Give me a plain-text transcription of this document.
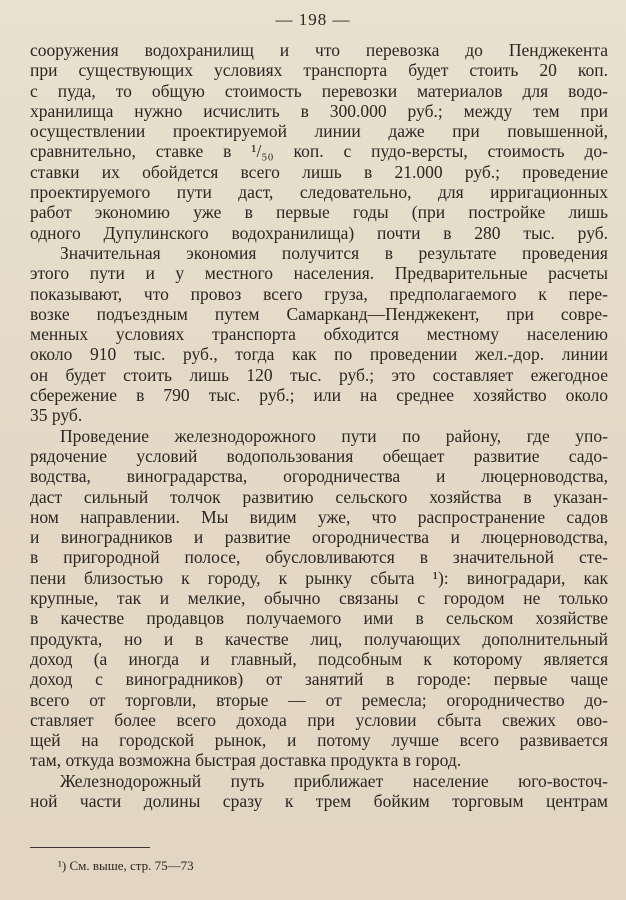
— 198 —
сооружения водохранилищ и что перевозка до Пенджекента
при существующих условиях транспорта будет стоить 20 коп.
с пуда, то общую стоимость перевозки материалов для водо-
хранилища нужно исчислить в 300.000 руб.; между тем при
осуществлении проектируемой линии даже при повышенной,
сравнительно, ставке в ¹/₅₀ коп. с пудо-версты, стоимость до-
ставки их обойдется всего лишь в 21.000 руб.; проведение
проектируемого пути даст, следовательно, для ирригационных
работ экономию уже в первые годы (при постройке лишь
одного Дупулинского водохранилища) почти в 280 тыс. руб.
Значительная экономия получится в результате проведения
этого пути и у местного населения. Предварительные расчеты
показывают, что провоз всего груза, предполагаемого к пере-
возке подъездным путем Самарканд—Пенджекент, при совре-
менных условиях транспорта обходится местному населению
около 910 тыс. руб., тогда как по проведении жел.-дор. линии
он будет стоить лишь 120 тыс. руб.; это составляет ежегодное
сбережение в 790 тыс. руб.; или на среднее хозяйство около
35 руб.
Проведение железнодорожного пути по району, где упо-
рядочение условий водопользования обещает развитие садо-
водства, виноградарства, огородничества и люцерноводства,
даст сильный толчок развитию сельского хозяйства в указан-
ном направлении. Мы видим уже, что распространение садов
и виноградников и развитие огородничества и люцерноводства,
в пригородной полосе, обусловливаются в значительной сте-
пени близостью к городу, к рынку сбыта ¹): виноградари, как
крупные, так и мелкие, обычно связаны с городом не только
в качестве продавцов получаемого ими в сельском хозяйстве
продукта, но и в качестве лиц, получающих дополнительный
доход (а иногда и главный, подсобным к которому является
доход с виноградников) от занятий в городе: первые чаще
всего от торговли, вторые — от ремесла; огородничество до-
ставляет более всего дохода при условии сбыта свежих ово-
щей на городской рынок, и потому лучше всего развивается
там, откуда возможна быстрая доставка продукта в город.
Железнодорожный путь приближает население юго-восточ-
ной части долины сразу к трем бойким торговым центрам
¹) См. выше, стр. 75—73
